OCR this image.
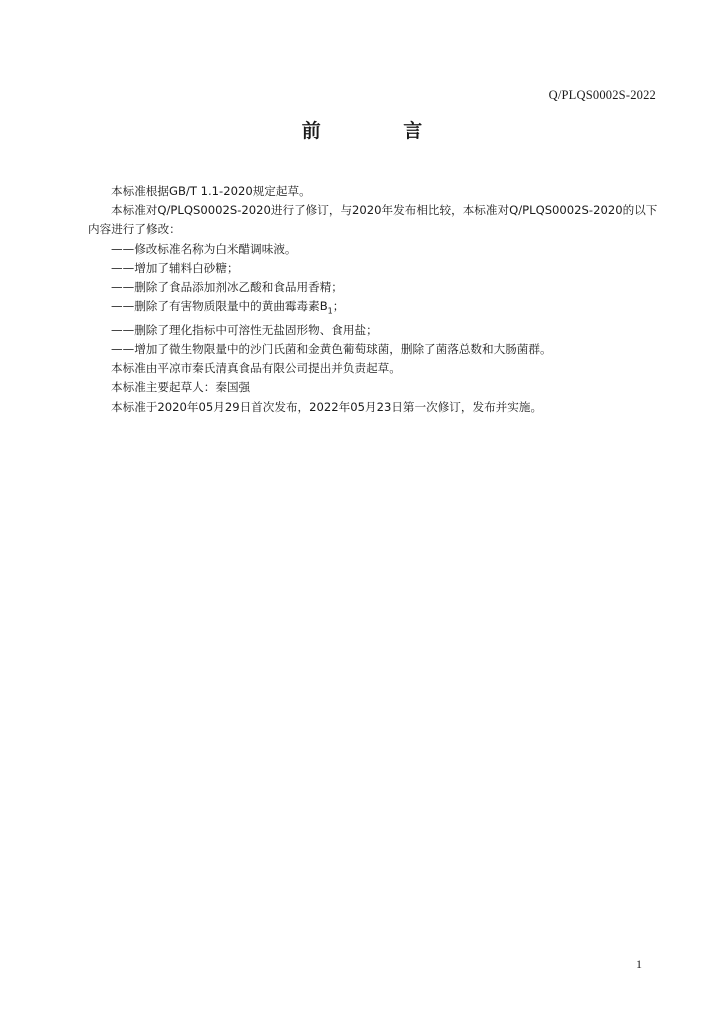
Q/PLQS0002S-2022
前 言

本标准根据GB/T 1.1-2020规定起草。

本标准对Q/PLQS0002S-2020进行了修订，与2020年发布相比较，本标准对Q/PLQS0002S-2020的以下

内容进行了修改：

——修改标准名称为白米醋调味液。

——增加了辅料白砂糖；

——删除了食品添加剂冰乙酸和食品用香精；

——删除了有害物质限量中的黄曲霉毒素$B_1$；

——删除了理化指标中可溶性无盐固形物、食用盐；

——增加了微生物限量中的沙门氏菌和金黄色葡萄球菌，删除了菌落总数和大肠菌群。

本标准由平凉市秦氏清真食品有限公司提出并负责起草。

本标准主要起草人：秦国强

本标准于2020年05月29日首次发布，2022年05月23日第一次修订，发布并实施。

1
